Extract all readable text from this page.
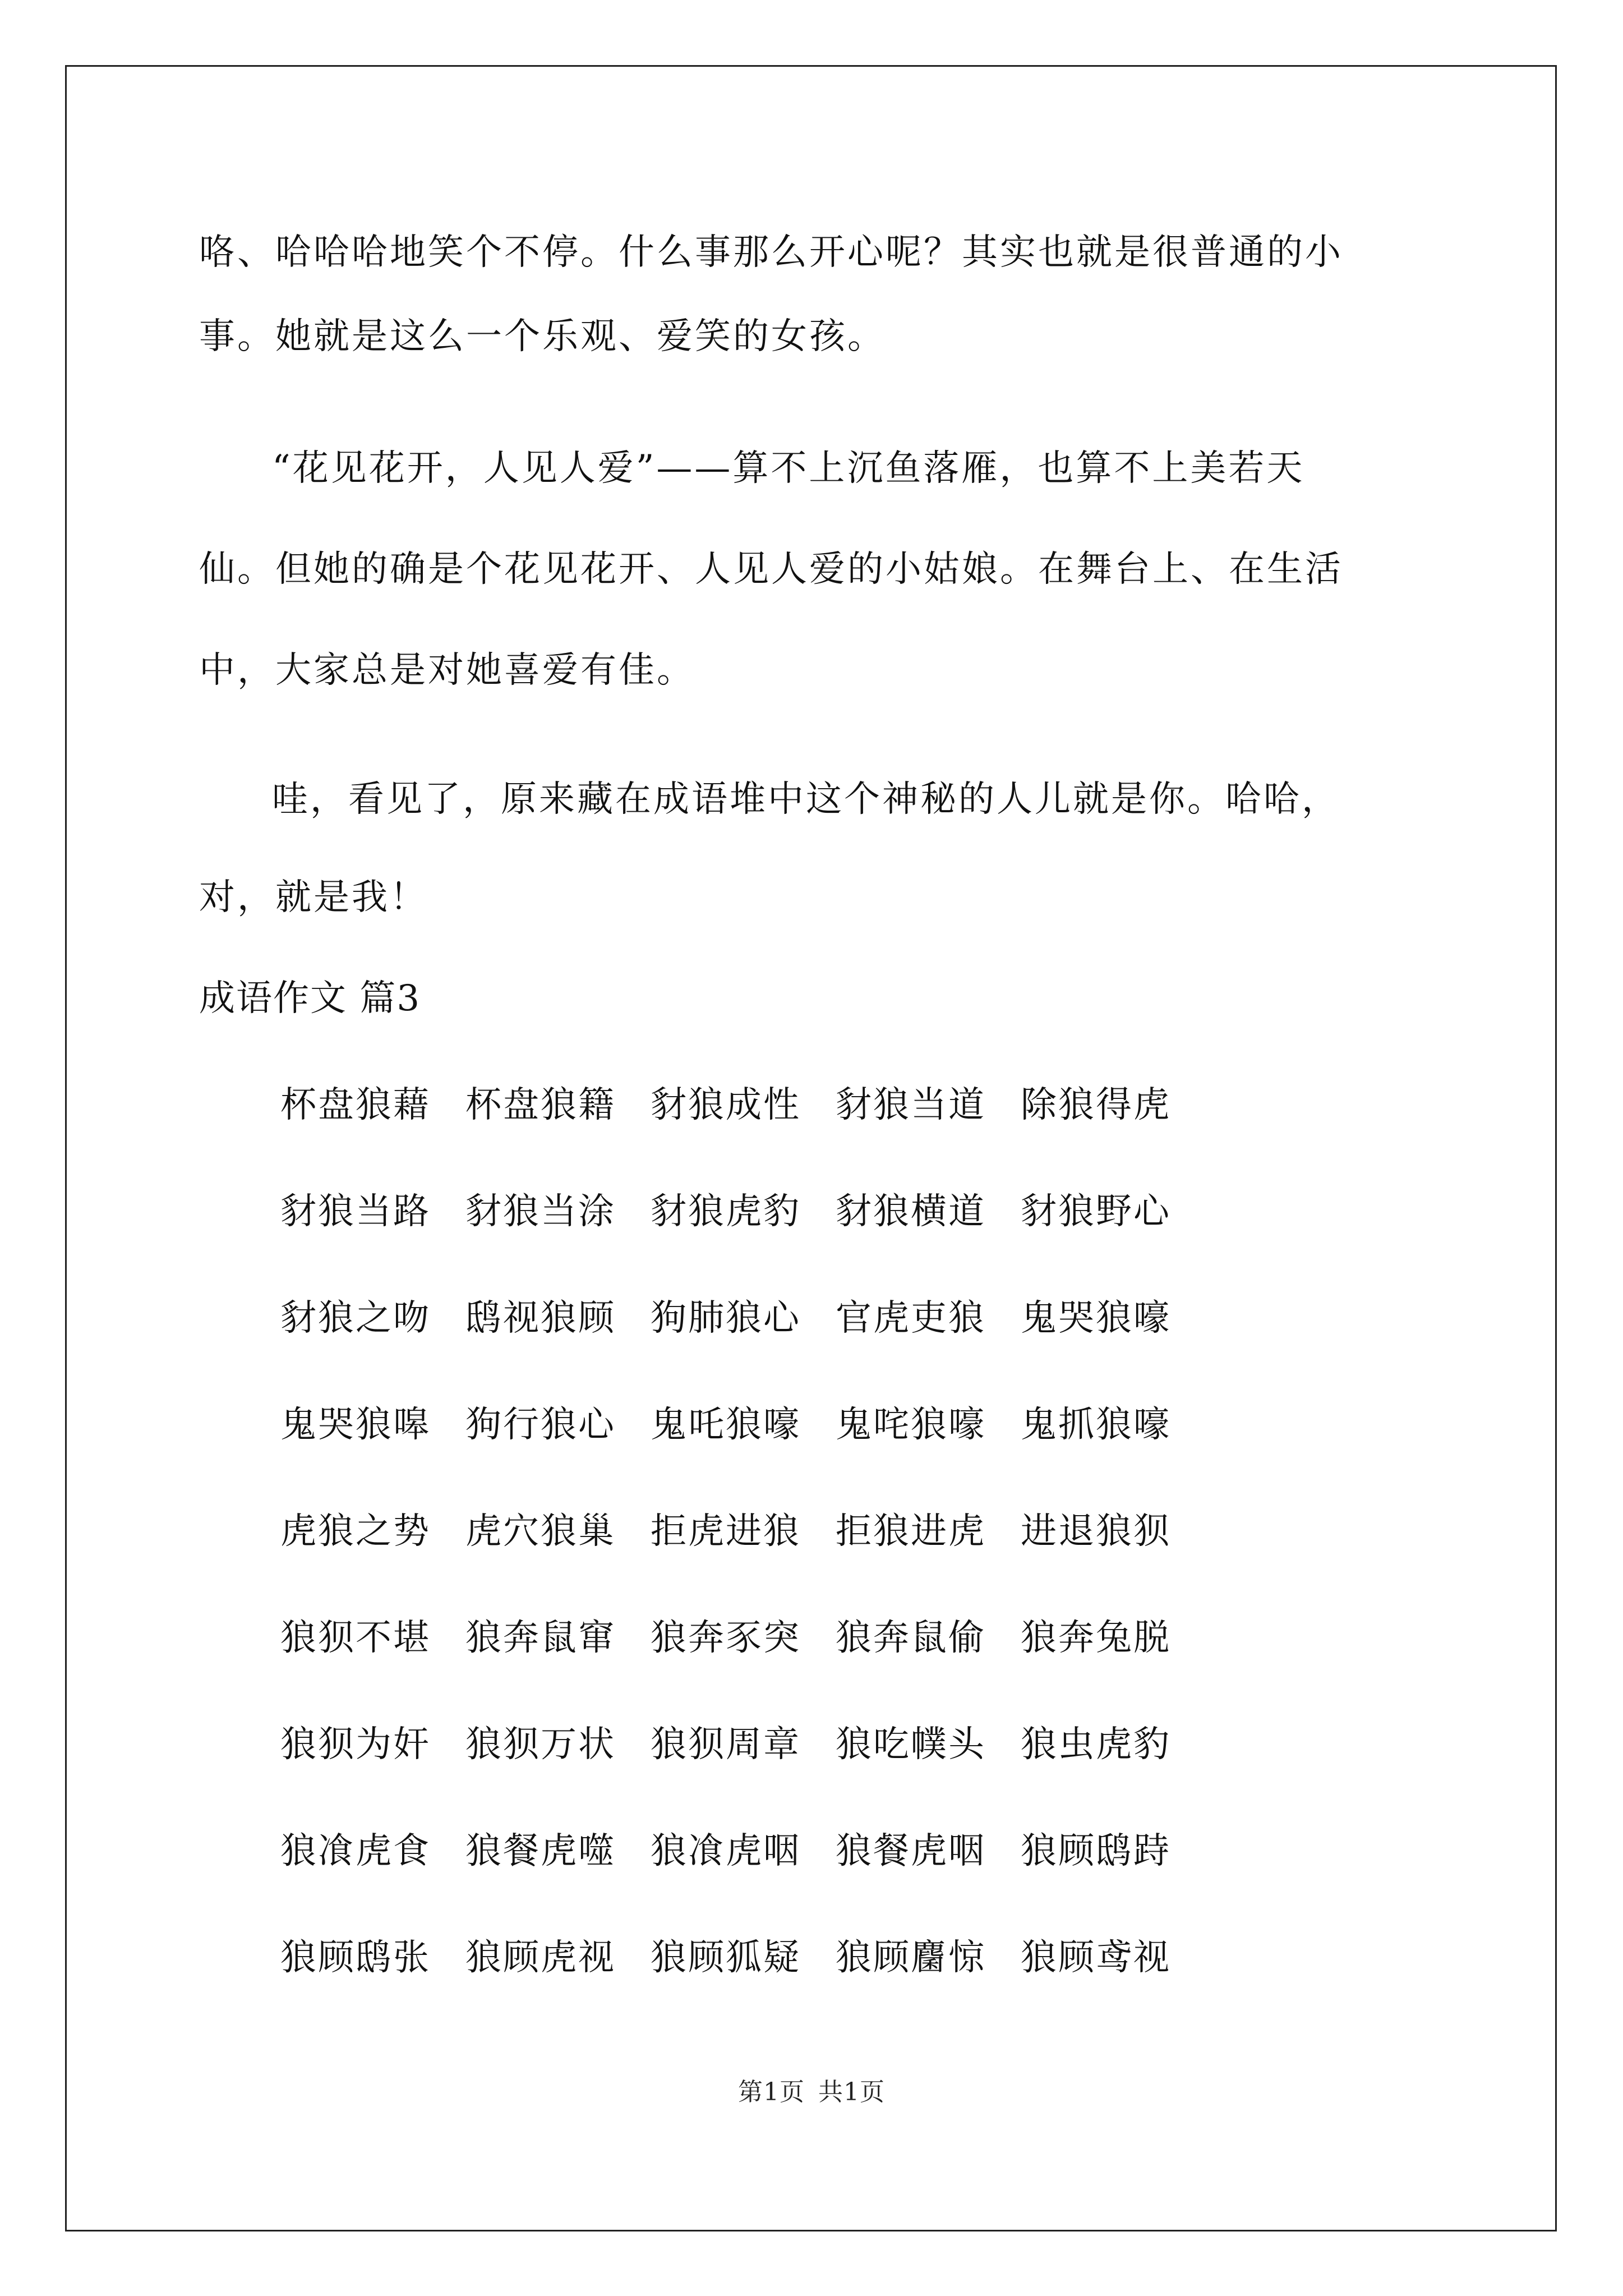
咯、哈哈哈地笑个不停。什么事那么开心呢？其实也就是很普通的小
事。她就是这么一个乐观、爱笑的女孩。
“花见花开，人见人爱”——算不上沉鱼落雁，也算不上美若天
仙。但她的确是个花见花开、人见人爱的小姑娘。在舞台上、在生活
中，大家总是对她喜爱有佳。
哇，看见了，原来藏在成语堆中这个神秘的人儿就是你。哈哈，
对，就是我！
成语作文 篇3
杯盘狼藉 杯盘狼籍 豺狼成性 豺狼当道 除狼得虎
豺狼当路 豺狼当涂 豺狼虎豹 豺狼横道 豺狼野心
豺狼之吻 鸱视狼顾 狗肺狼心 官虎吏狼 鬼哭狼嚎
鬼哭狼嗥 狗行狼心 鬼吒狼嚎 鬼咤狼嚎 鬼抓狼嚎
虎狼之势 虎穴狼巢 拒虎进狼 拒狼进虎 进退狼狈
狼狈不堪 狼奔鼠窜 狼奔豕突 狼奔鼠偷 狼奔兔脱
狼狈为奸 狼狈万状 狼狈周章 狼吃幞头 狼虫虎豹
狼飡虎食 狼餐虎噬 狼飡虎咽 狼餐虎咽 狼顾鸱跱
狼顾鸱张 狼顾虎视 狼顾狐疑 狼顾麕惊 狼顾鸢视
第1页 共1页
